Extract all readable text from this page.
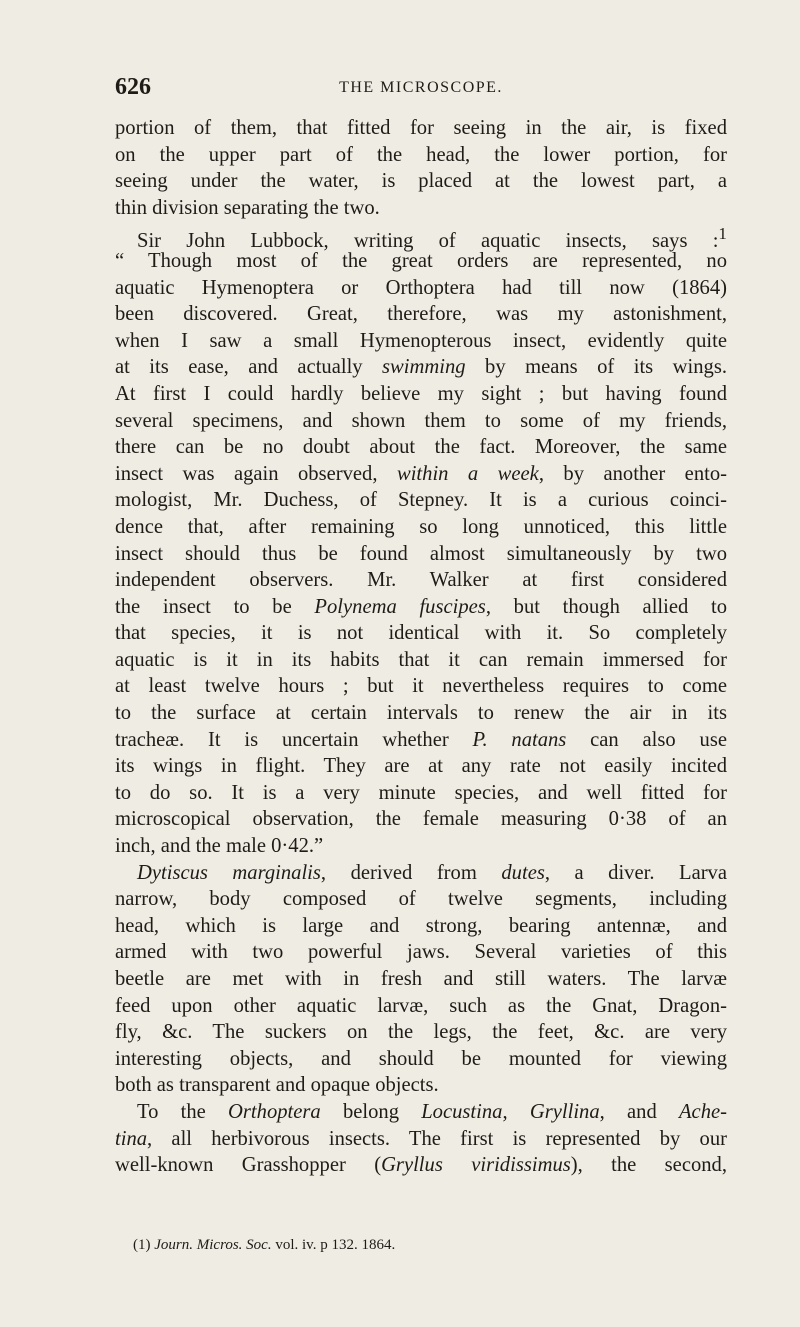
626	THE MICROSCOPE.
portion of them, that fitted for seeing in the air, is fixed
on the upper part of the head, the lower portion, for
seeing under the water, is placed at the lowest part, a
thin division separating the two.
Sir John Lubbock, writing of aquatic insects, says :$^1$
“ Though most of the great orders are represented, no
aquatic Hymenoptera or Orthoptera had till now (1864)
been discovered. Great, therefore, was my astonishment,
when I saw a small Hymenopterous insect, evidently quite
at its ease, and actually swimming by means of its wings.
At first I could hardly believe my sight ; but having found
several specimens, and shown them to some of my friends,
there can be no doubt about the fact. Moreover, the same
insect was again observed, within a week, by another ento-
mologist, Mr. Duchess, of Stepney. It is a curious coinci-
dence that, after remaining so long unnoticed, this little
insect should thus be found almost simultaneously by two
independent observers. Mr. Walker at first considered
the insect to be Polynema fuscipes, but though allied to
that species, it is not identical with it. So completely
aquatic is it in its habits that it can remain immersed for
at least twelve hours ; but it nevertheless requires to come
to the surface at certain intervals to renew the air in its
tracheæ. It is uncertain whether P. natans can also use
its wings in flight. They are at any rate not easily incited
to do so. It is a very minute species, and well fitted for
microscopical observation, the female measuring 0·38 of an
inch, and the male 0·42.”
Dytiscus marginalis, derived from dutes, a diver. Larva
narrow, body composed of twelve segments, including
head, which is large and strong, bearing antennæ, and
armed with two powerful jaws. Several varieties of this
beetle are met with in fresh and still waters. The larvæ
feed upon other aquatic larvæ, such as the Gnat, Dragon-
fly, &c. The suckers on the legs, the feet, &c. are very
interesting objects, and should be mounted for viewing
both as transparent and opaque objects.
To the Orthoptera belong Locustina, Gryllina, and Ache-
tina, all herbivorous insects. The first is represented by our
well-known Grasshopper (Gryllus viridissimus), the second,
(1) Journ. Micros. Soc. vol. iv. p 132. 1864.
